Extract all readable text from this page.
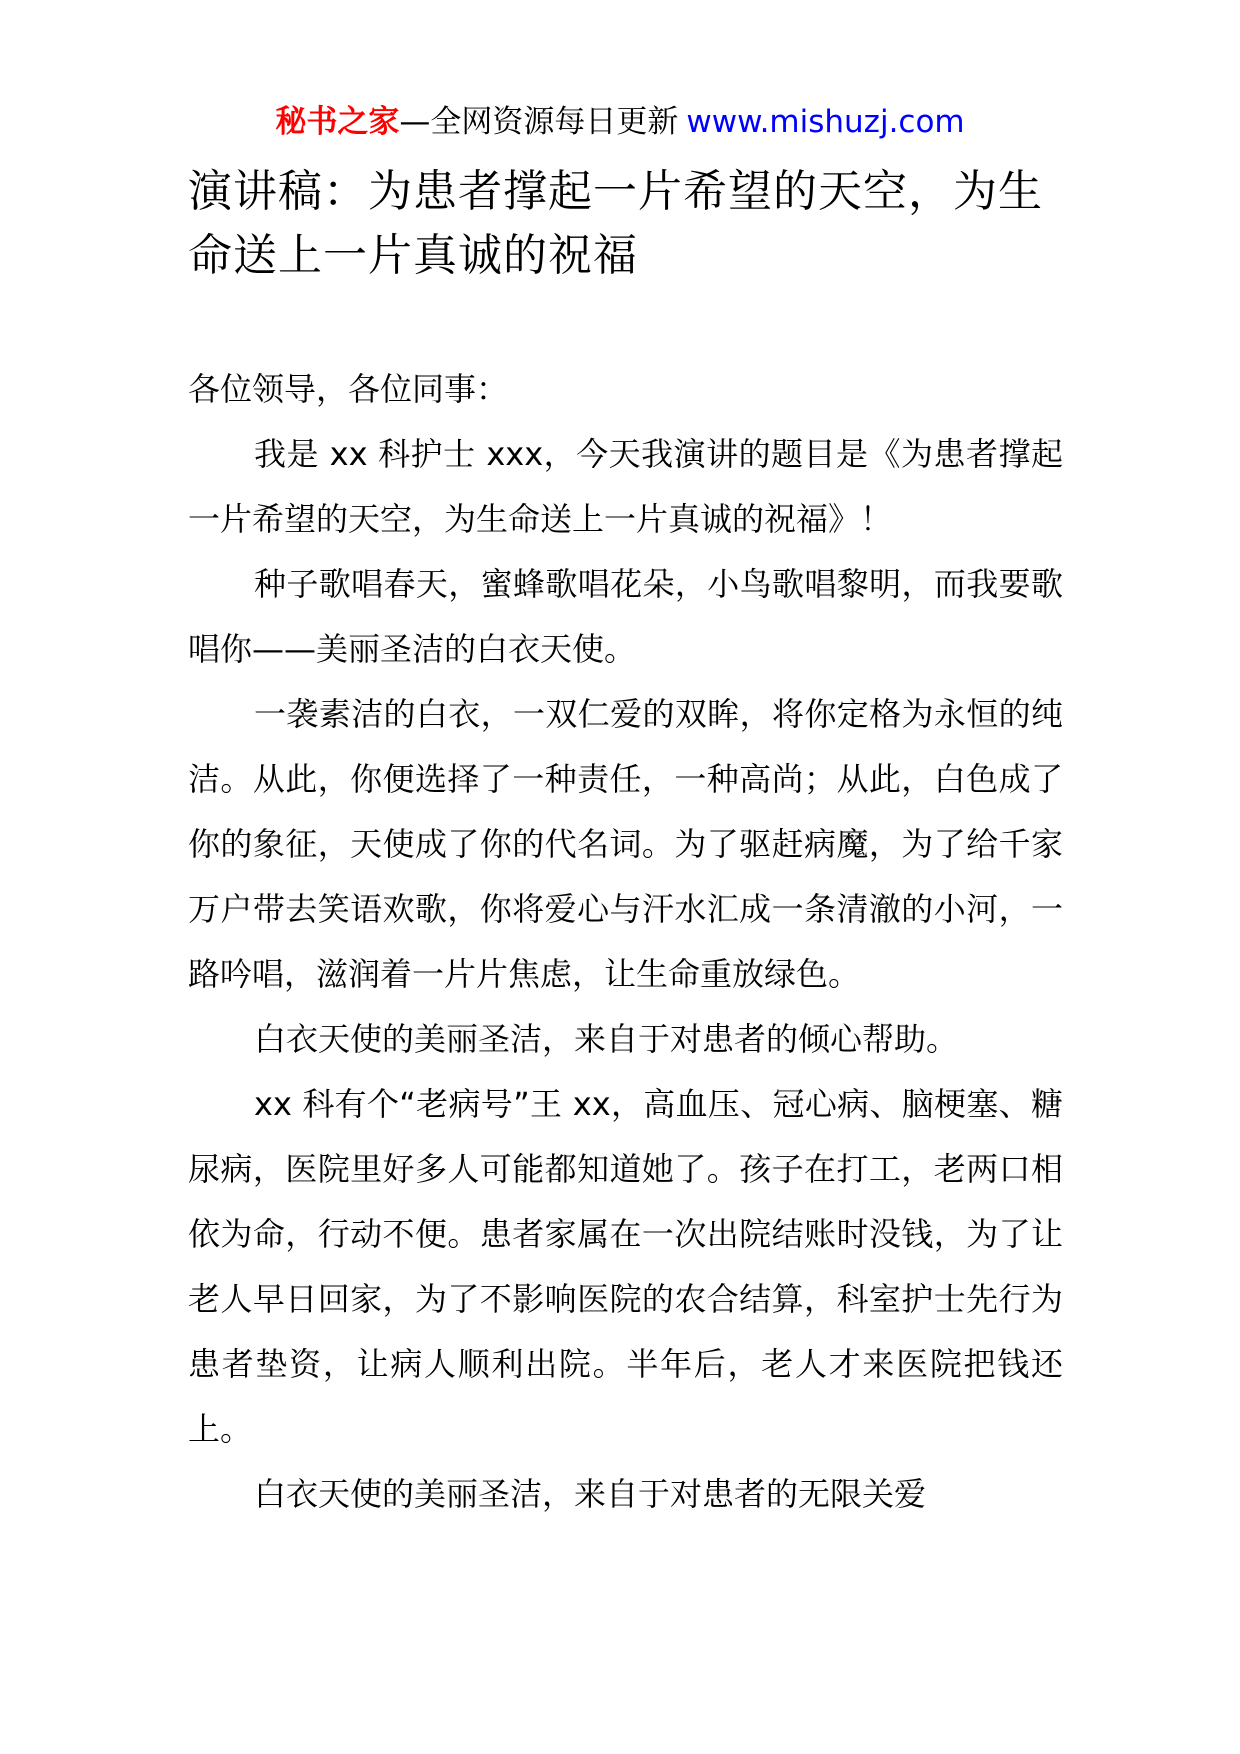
秘书之家—全网资源每日更新 www.mishuzj.com
演讲稿：为患者撑起一片希望的天空，为生命送上一片真诚的祝福

各位领导，各位同事：

我是 xx 科护士 xxx，今天我演讲的题目是《为患者撑起一片希望的天空，为生命送上一片真诚的祝福》！

种子歌唱春天，蜜蜂歌唱花朵，小鸟歌唱黎明，而我要歌唱你——美丽圣洁的白衣天使。

一袭素洁的白衣，一双仁爱的双眸，将你定格为永恒的纯洁。从此，你便选择了一种责任，一种高尚；从此，白色成了你的象征，天使成了你的代名词。为了驱赶病魔，为了给千家万户带去笑语欢歌，你将爱心与汗水汇成一条清澈的小河，一路吟唱，滋润着一片片焦虑，让生命重放绿色。

白衣天使的美丽圣洁，来自于对患者的倾心帮助。

xx 科有个“老病号”王 xx，高血压、冠心病、脑梗塞、糖尿病，医院里好多人可能都知道她了。孩子在打工，老两口相依为命，行动不便。患者家属在一次出院结账时没钱，为了让老人早日回家，为了不影响医院的农合结算，科室护士先行为患者垫资，让病人顺利出院。半年后，老人才来医院把钱还上。

白衣天使的美丽圣洁，来自于对患者的无限关爱
